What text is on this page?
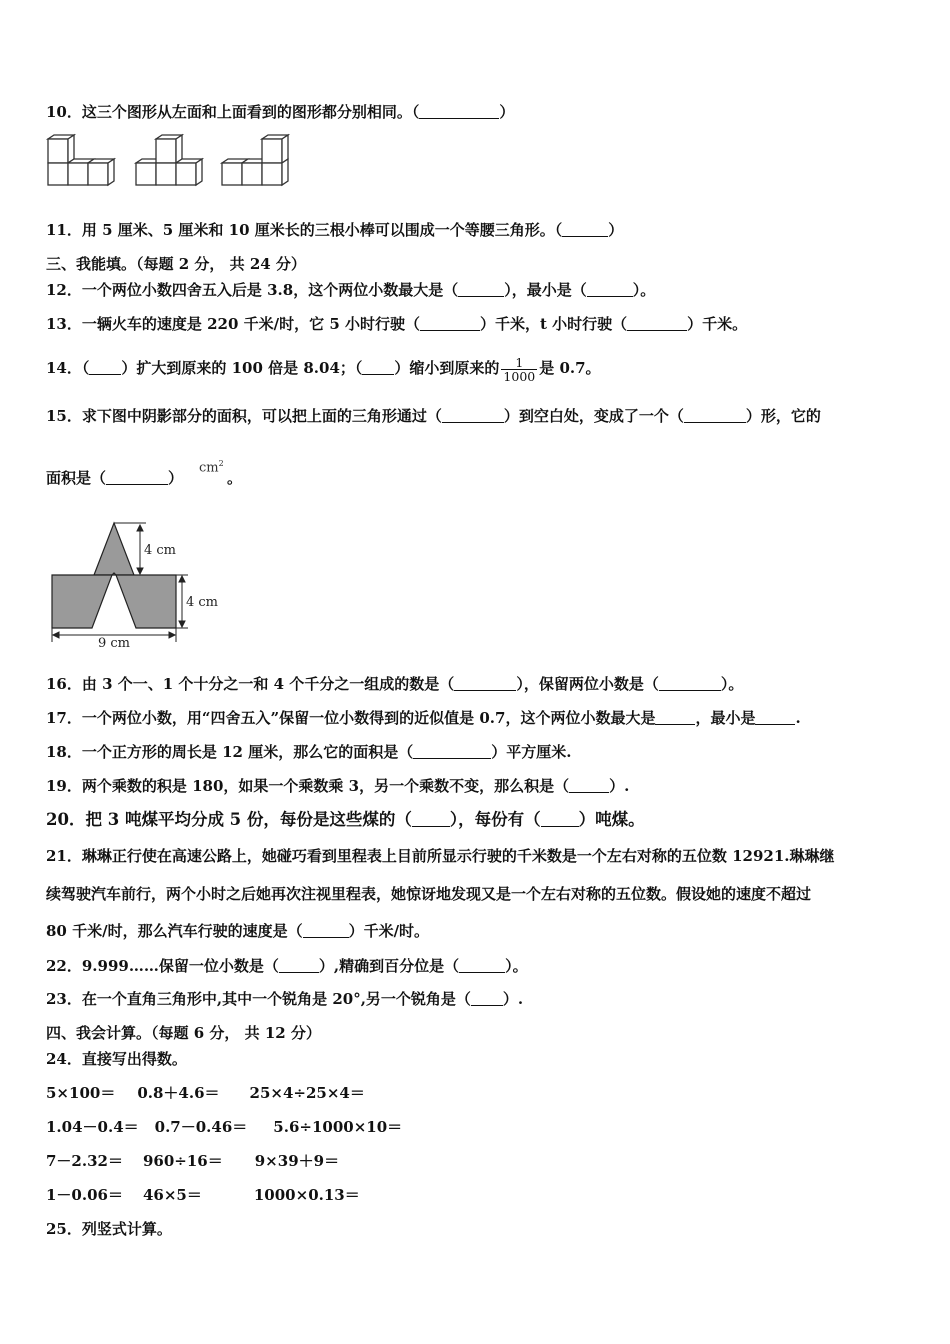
10．这三个图形从左面和上面看到的图形都分别相同。（	）
11．用 5 厘米、5 厘米和 10 厘米长的三根小棒可以围成一个等腰三角形。（	）
三、我能填。（每题 2 分， 共 24 分）
12．一个两位小数四舍五入后是 3.8，这个两位小数最大是（	），最小是（	）。
13．一辆火车的速度是 220 千米/时，它 5 小时行驶（	）千米，t 小时行驶（	）千米。
14．（ ）扩大到原来的 100 倍是 8.04；（ ）缩小到原来的 $\frac{1}{1000}$ 是 0.7。
15．求下图中阴影部分的面积，可以把上面的三角形通过（	）到空白处，变成了一个（	）形，它的
面积是（	）	。
$cm^2$
4 cm
4 cm
9 cm
16．由 3 个一、1 个十分之一和 4 个千分之一组成的数是（	），保留两位小数是（	）。
17．一个两位小数，用“四舍五入”保留一位小数得到的近似值是 0.7，这个两位小数最大是	，最小是	.
18．一个正方形的周长是 12 厘米，那么它的面积是（	）平方厘米.
19．两个乘数的积是 180，如果一个乘数乘 3，另一个乘数不变，那么积是（	）.
20．把 3 吨煤平均分成 5 份，每份是这些煤的（ ），每份有（ ）吨煤。
21．琳琳正行使在高速公路上，她碰巧看到里程表上目前所显示行驶的千米数是一个左右对称的五位数 12921.琳琳继
续驾驶汽车前行，两个小时之后她再次注视里程表，她惊讶地发现又是一个左右对称的五位数。假设她的速度不超过
80 千米/时，那么汽车行驶的速度是（	）千米/时。
22．9.999……保留一位小数是（	）,精确到百分位是（	）。
23．在一个直角三角形中,其中一个锐角是 20°,另一个锐角是（ ）.
四、我会计算。（每题 6 分， 共 12 分）
24．直接写出得数。
5×100＝ 0.8＋4.6＝ 25×4÷25×4＝
1.04－0.4＝ 0.7－0.46＝ 5.6÷1000×10＝
7－2.32＝ 960÷16＝ 9×39＋9＝
1－0.06＝ 46×5＝	1000×0.13＝
25．列竖式计算。
